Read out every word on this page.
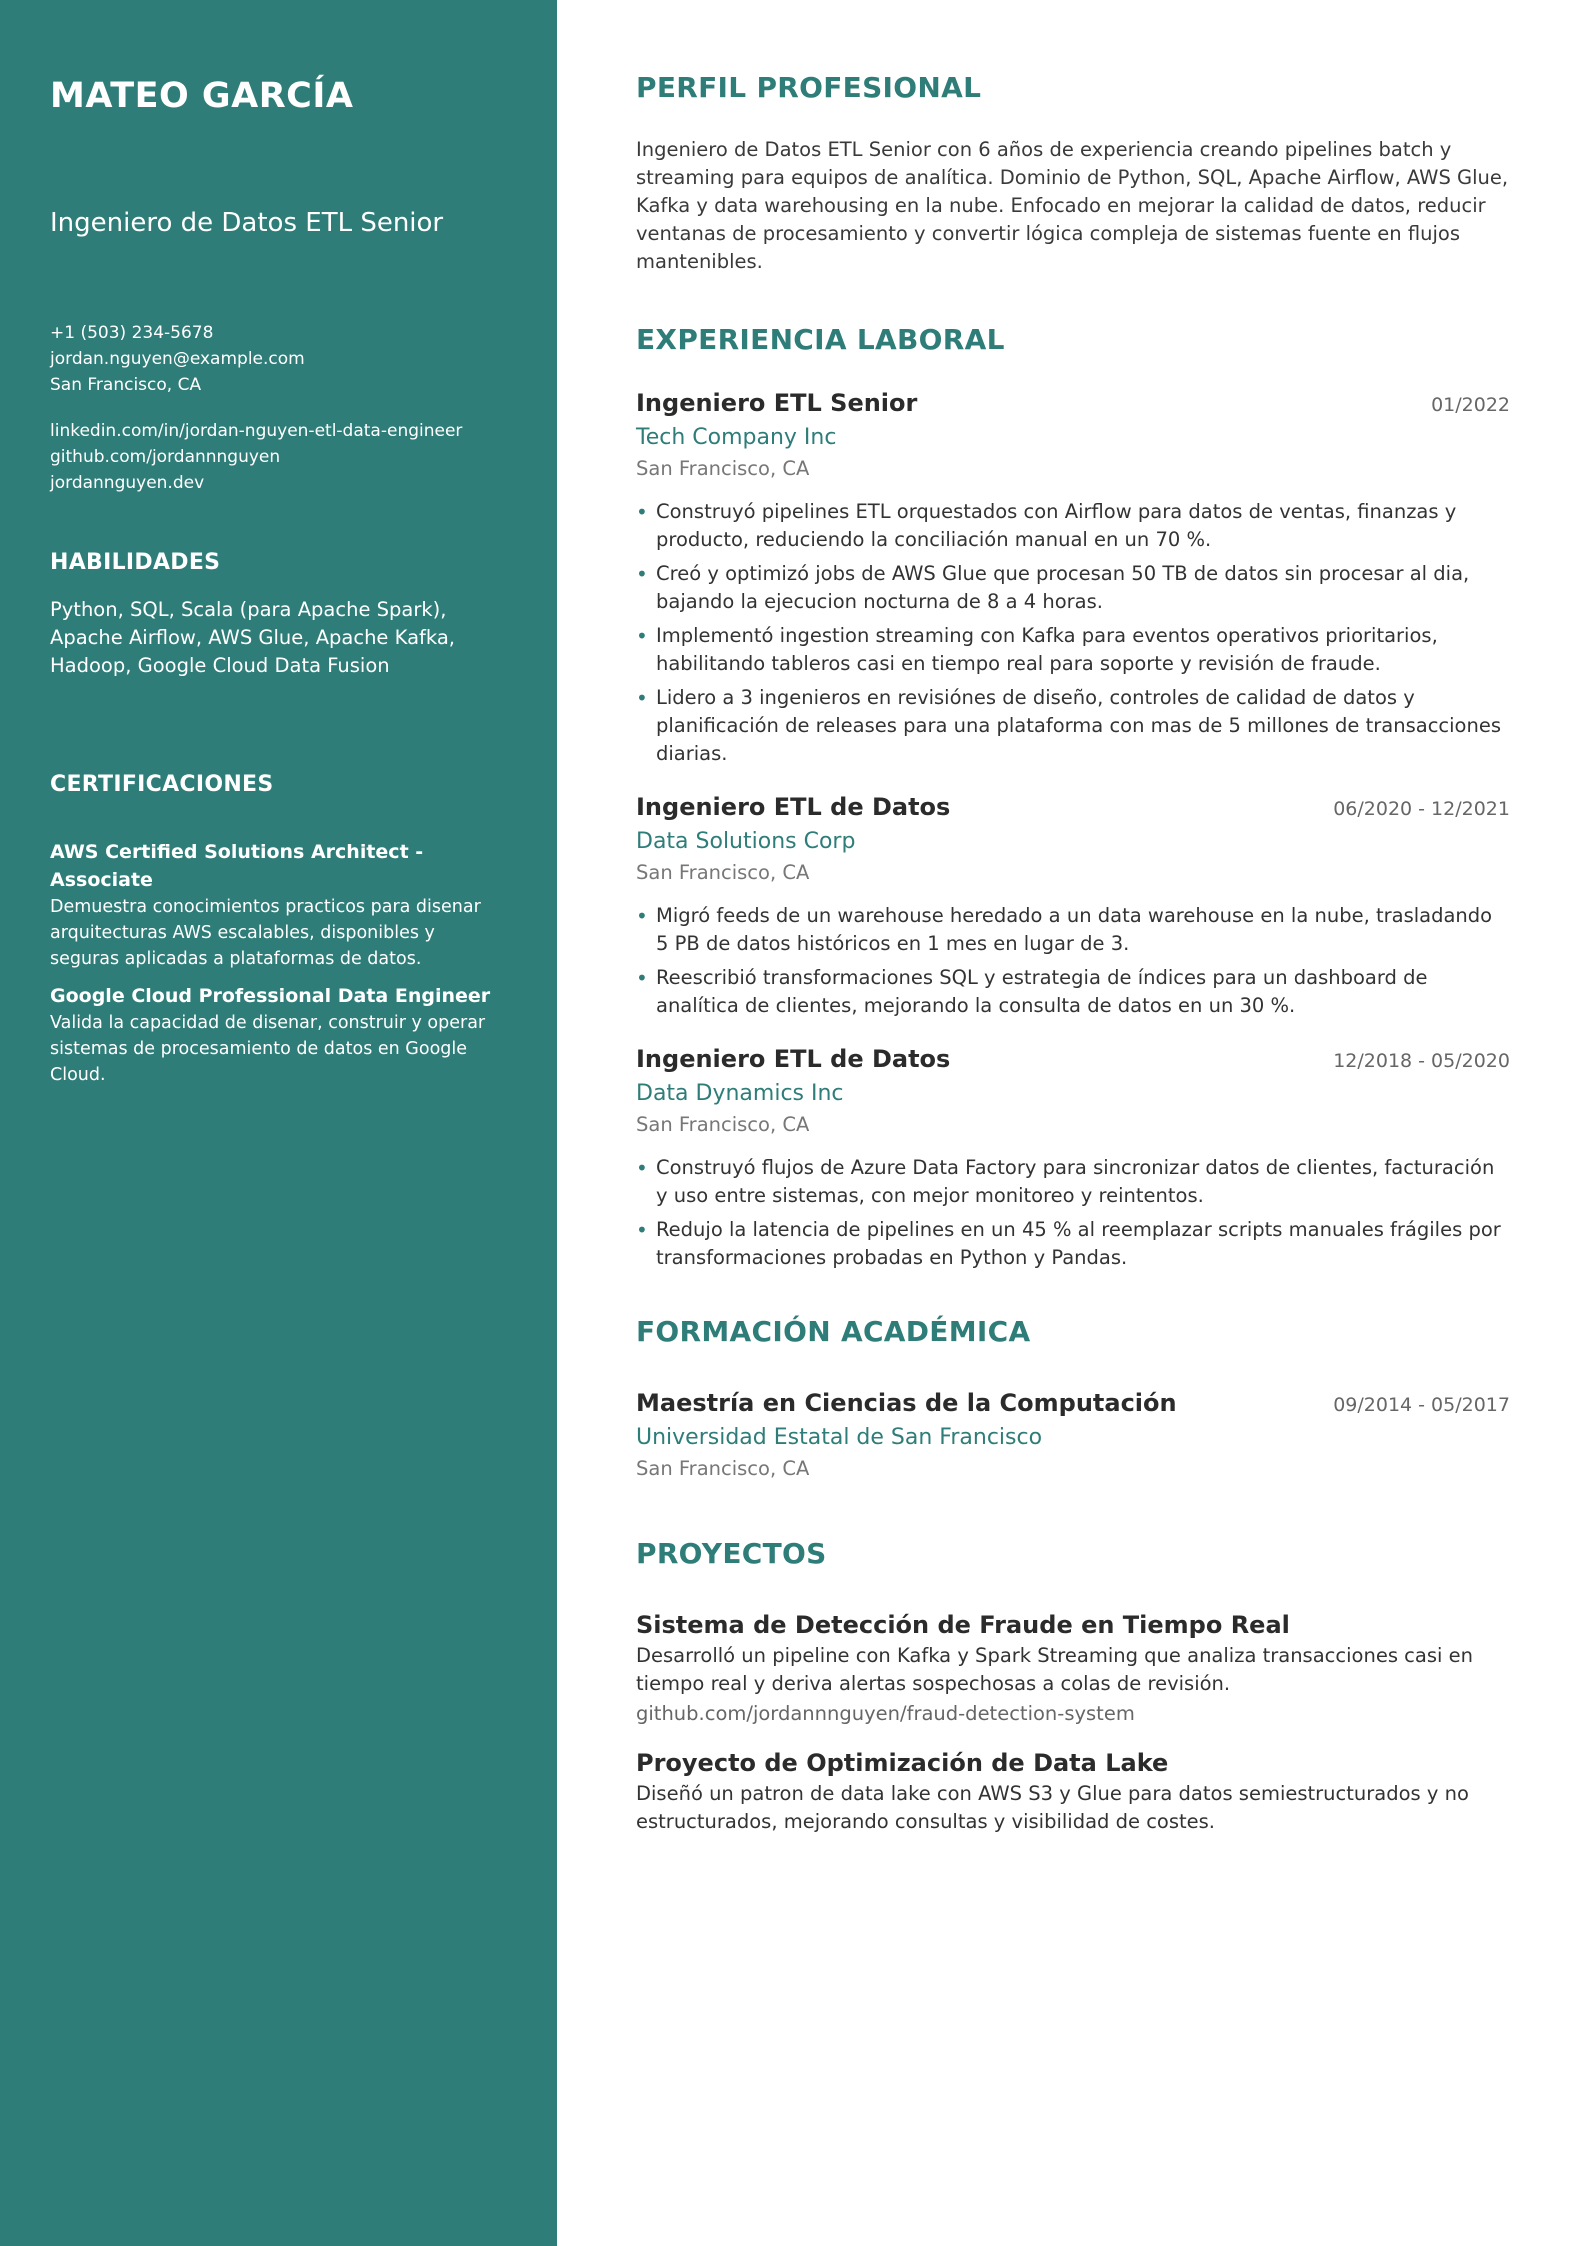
MATEO GARCÍA
Ingeniero de Datos ETL Senior
+1 (503) 234-5678
jordan.nguyen@example.com
San Francisco, CA
linkedin.com/in/jordan-nguyen-etl-data-engineer
github.com/jordannnguyen
jordannguyen.dev
HABILIDADES

Python, SQL, Scala (para Apache Spark), Apache Airflow, AWS Glue, Apache Kafka, Hadoop, Google Cloud Data Fusion

CERTIFICACIONES
AWS Certified Solutions Architect - Associate
Demuestra conocimientos practicos para disenar arquitecturas AWS escalables, disponibles y seguras aplicadas a plataformas de datos.
Google Cloud Professional Data Engineer
Valida la capacidad de disenar, construir y operar sistemas de procesamiento de datos en Google Cloud.
PERFIL PROFESIONAL

Ingeniero de Datos ETL Senior con 6 años de experiencia creando pipelines batch y streaming para equipos de analítica. Dominio de Python, SQL, Apache Airflow, AWS Glue, Kafka y data warehousing en la nube. Enfocado en mejorar la calidad de datos, reducir ventanas de procesamiento y convertir lógica compleja de sistemas fuente en flujos mantenibles.

EXPERIENCIA LABORAL
Ingeniero ETL Senior	01/2022
Tech Company Inc
San Francisco, CA
• Construyó pipelines ETL orquestados con Airflow para datos de ventas, finanzas y producto, reduciendo la conciliación manual en un 70 %.
• Creó y optimizó jobs de AWS Glue que procesan 50 TB de datos sin procesar al dia, bajando la ejecucion nocturna de 8 a 4 horas.
• Implementó ingestion streaming con Kafka para eventos operativos prioritarios, habilitando tableros casi en tiempo real para soporte y revisión de fraude.
• Lidero a 3 ingenieros en revisiónes de diseño, controles de calidad de datos y planificación de releases para una plataforma con mas de 5 millones de transacciones diarias.
Ingeniero ETL de Datos	06/2020 - 12/2021
Data Solutions Corp
San Francisco, CA
• Migró feeds de un warehouse heredado a un data warehouse en la nube, trasladando 5 PB de datos históricos en 1 mes en lugar de 3.
• Reescribió transformaciones SQL y estrategia de índices para un dashboard de analítica de clientes, mejorando la consulta de datos en un 30 %.
Ingeniero ETL de Datos	12/2018 - 05/2020
Data Dynamics Inc
San Francisco, CA
• Construyó flujos de Azure Data Factory para sincronizar datos de clientes, facturación y uso entre sistemas, con mejor monitoreo y reintentos.
• Redujo la latencia de pipelines en un 45 % al reemplazar scripts manuales frágiles por transformaciones probadas en Python y Pandas.
FORMACIÓN ACADÉMICA
Maestría en Ciencias de la Computación	09/2014 - 05/2017
Universidad Estatal de San Francisco
San Francisco, CA
PROYECTOS
Sistema de Detección de Fraude en Tiempo Real
Desarrolló un pipeline con Kafka y Spark Streaming que analiza transacciones casi en tiempo real y deriva alertas sospechosas a colas de revisión.
github.com/jordannnguyen/fraud-detection-system
Proyecto de Optimización de Data Lake
Diseñó un patron de data lake con AWS S3 y Glue para datos semiestructurados y no estructurados, mejorando consultas y visibilidad de costes.
